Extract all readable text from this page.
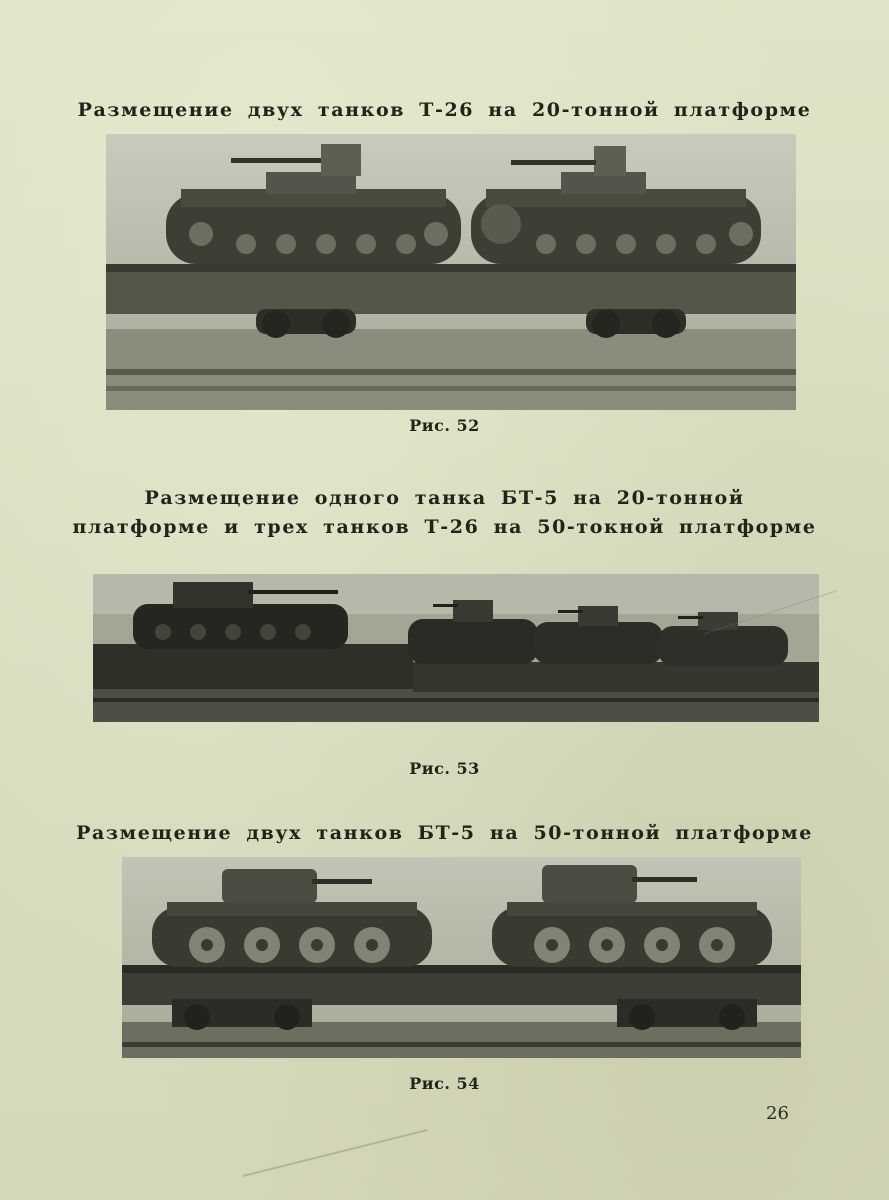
Размещение двух танков Т-26 на 20-тонной платформе
Рис. 52
Размещение одного танка БТ-5 на 20-тонной
платформе и трех танков Т-26 на 50-токной платформе
Рис. 53
Размещение двух танков БТ-5 на 50-тонной платформе
Рис. 54
26
